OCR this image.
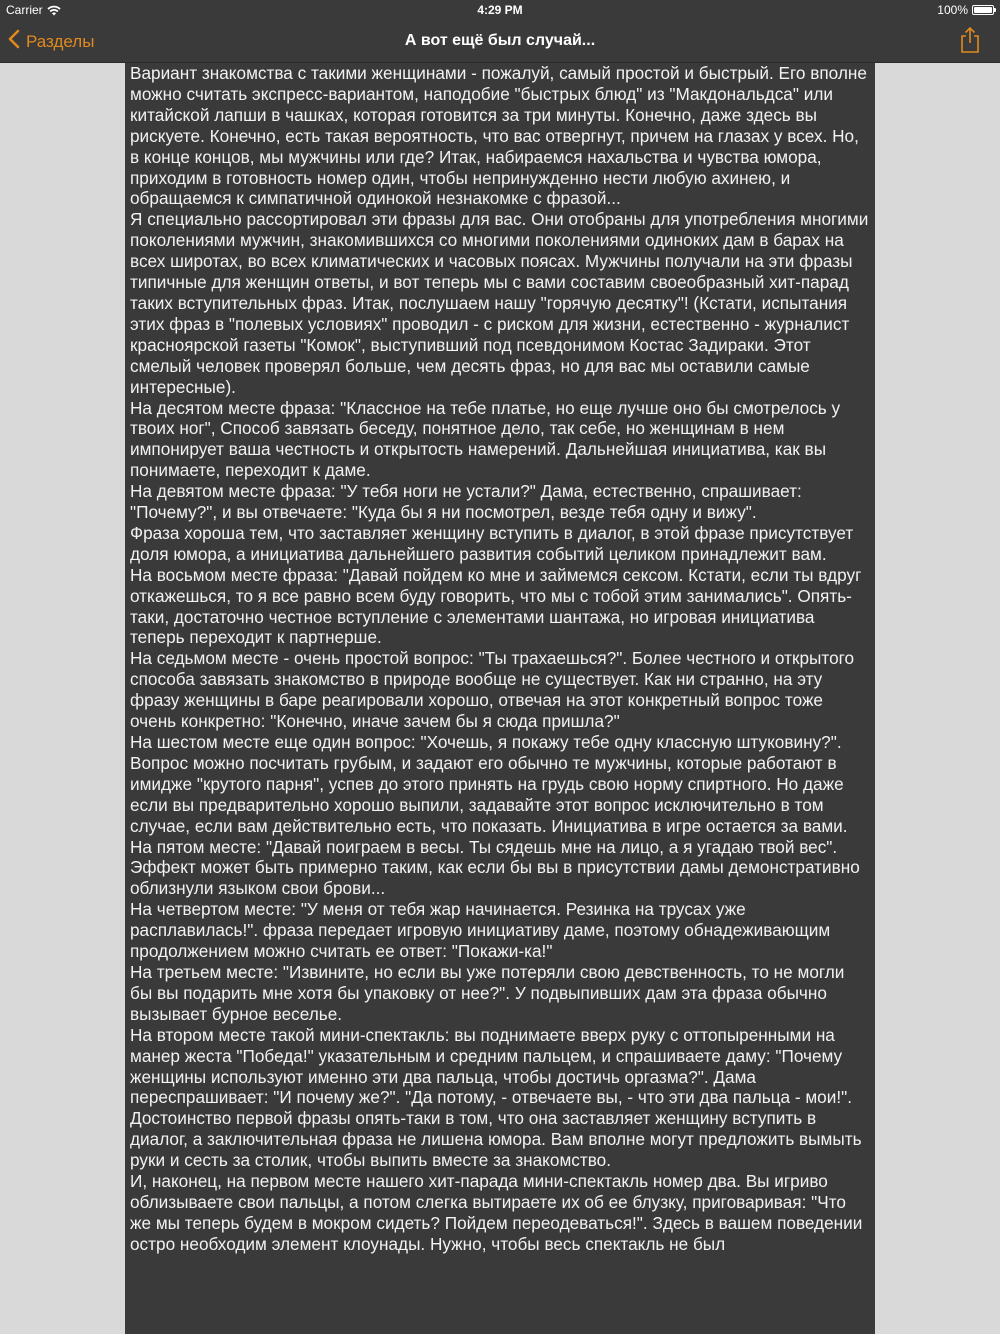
Carrier	4:29 PM	100%
Разделы	А вот ещё был случай...

Вариант знакомства с такими женщинами - пожалуй, самый простой и быстрый. Его вполне можно считать экспресс-вариантом, наподобие "быстрых блюд" из "Макдональдса" или китайской лапши в чашках, которая готовится за три минуты. Конечно, даже здесь вы рискуете. Конечно, есть такая вероятность, что вас отвергнут, причем на глазах у всех. Но, в конце концов, мы мужчины или где? Итак, набираемся нахальства и чувства юмора, приходим в готовность номер один, чтобы непринужденно нести любую ахинею, и обращаемся к симпатичной одинокой незнакомке с фразой...
Я специально рассортировал эти фразы для вас. Они отобраны для употребления многими поколениями мужчин, знакомившихся со многими поколениями одиноких дам в барах на всех широтах, во всех климатических и часовых поясах. Мужчины получали на эти фразы типичные для женщин ответы, и вот теперь мы с вами составим своеобразный хит-парад таких вступительных фраз. Итак, послушаем нашу "горячую десятку"! (Кстати, испытания этих фраз в "полевых условиях" проводил - с риском для жизни, естественно - журналист красноярской газеты "Комок", выступивший под псевдонимом Костас Задираки. Этот смелый человек проверял больше, чем десять фраз, но для вас мы оставили самые интересные).
На десятом месте фраза: "Классное на тебе платье, но еще лучше оно бы смотрелось у твоих ног", Способ завязать беседу, понятное дело, так себе, но женщинам в нем импонирует ваша честность и открытость намерений. Дальнейшая инициатива, как вы понимаете, переходит к даме.
На девятом месте фраза: "У тебя ноги не устали?" Дама, естественно, спрашивает: "Почему?", и вы отвечаете: "Куда бы я ни посмотрел, везде тебя одну и вижу".
Фраза хороша тем, что заставляет женщину вступить в диалог, в этой фразе присутствует доля юмора, а инициатива дальнейшего развития событий целиком принадлежит вам.
На восьмом месте фраза: "Давай пойдем ко мне и займемся сексом. Кстати, если ты вдруг откажешься, то я все равно всем буду говорить, что мы с тобой этим занимались". Опять-таки, достаточно честное вступление с элементами шантажа, но игровая инициатива теперь переходит к партнерше.
На седьмом месте - очень простой вопрос: "Ты трахаешься?". Более честного и открытого способа завязать знакомство в природе вообще не существует. Как ни странно, на эту фразу женщины в баре реагировали хорошо, отвечая на этот конкретный вопрос тоже очень конкретно: "Конечно, иначе зачем бы я сюда пришла?"
На шестом месте еще один вопрос: "Хочешь, я покажу тебе одну классную штуковину?". Вопрос можно посчитать грубым, и задают его обычно те мужчины, которые работают в имидже "крутого парня", успев до этого принять на грудь свою норму спиртного. Но даже если вы предварительно хорошо выпили, задавайте этот вопрос исключительно в том случае, если вам действительно есть, что показать. Инициатива в игре остается за вами.
На пятом месте: "Давай поиграем в весы. Ты сядешь мне на лицо, а я угадаю твой вес". Эффект может быть примерно таким, как если бы вы в присутствии дамы демонстративно облизнули языком свои брови...
На четвертом месте: "У меня от тебя жар начинается. Резинка на трусах уже расплавилась!". фраза передает игровую инициативу даме, поэтому обнадеживающим продолжением можно считать ее ответ: "Покажи-ка!"
На третьем месте: "Извините, но если вы уже потеряли свою девственность, то не могли бы вы подарить мне хотя бы упаковку от нее?". У подвыпивших дам эта фраза обычно вызывает бурное веселье.
На втором месте такой мини-спектакль: вы поднимаете вверх руку с оттопыренными на манер жеста "Победа!" указательным и средним пальцем, и спрашиваете даму: "Почему женщины используют именно эти два пальца, чтобы достичь оргазма?". Дама переспрашивает: "И почему же?". "Да потому, - отвечаете вы, - что эти два пальца - мои!".
Достоинство первой фразы опять-таки в том, что она заставляет женщину вступить в диалог, а заключительная фраза не лишена юмора. Вам вполне могут предложить вымыть руки и сесть за столик, чтобы выпить вместе за знакомство.
И, наконец, на первом месте нашего хит-парада мини-спектакль номер два. Вы игриво облизываете свои пальцы, а потом слегка вытираете их об ее блузку, приговаривая: "Что же мы теперь будем в мокром сидеть? Пойдем переодеваться!". Здесь в вашем поведении остро необходим элемент клоунады. Нужно, чтобы весь спектакль не был
